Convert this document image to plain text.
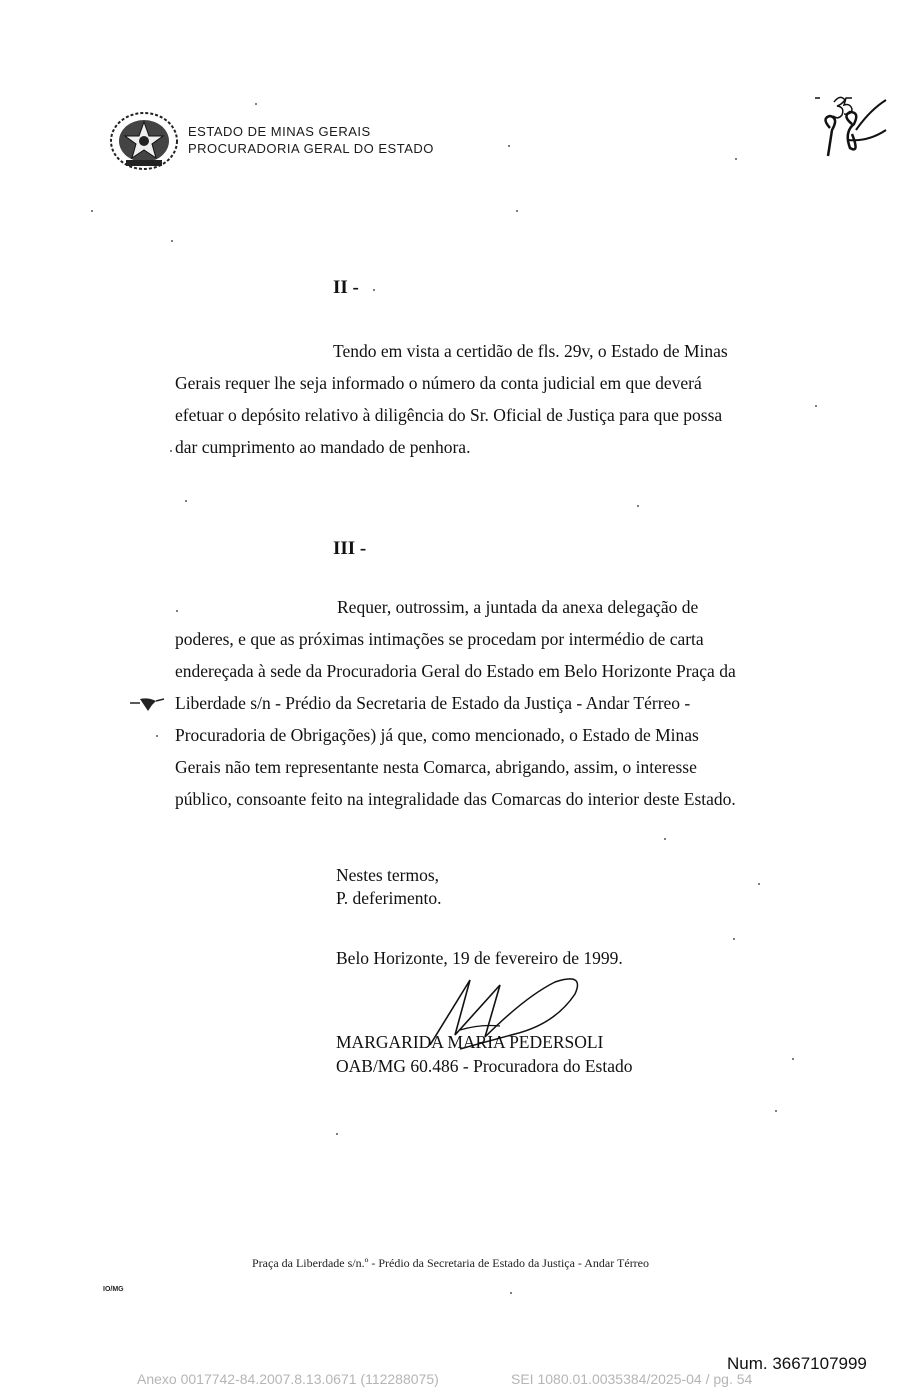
ESTADO DE MINAS GERAIS
PROCURADORIA GERAL DO ESTADO
II -
Tendo em vista a certidão de fls. 29v, o Estado de Minas
Gerais requer lhe seja informado o número da conta judicial em que deverá
efetuar o depósito relativo à diligência do Sr. Oficial de Justiça para que possa
dar cumprimento ao mandado de penhora.
III -
Requer, outrossim, a juntada da anexa delegação de
poderes, e que as próximas intimações se procedam por intermédio de carta
endereçada à sede da Procuradoria Geral do Estado em Belo Horizonte Praça da
Liberdade s/n - Prédio da Secretaria de Estado da Justiça - Andar Térreo -
Procuradoria de Obrigações) já que, como mencionado, o Estado de Minas
Gerais não tem representante nesta Comarca, abrigando, assim, o interesse
público, consoante feito na integralidade das Comarcas do interior deste Estado.
Nestes termos,
P. deferimento.
Belo Horizonte, 19 de fevereiro de 1999.
MARGARIDA MARIA PEDERSOLI
OAB/MG 60.486 - Procuradora do Estado
Praça da Liberdade s/n.º - Prédio da Secretaria de Estado da Justiça - Andar Térreo
IO/MG
Num. 3667107999
Anexo 0017742-84.2007.8.13.0671 (112288075)	SEI 1080.01.0035384/2025-04 / pg. 54
